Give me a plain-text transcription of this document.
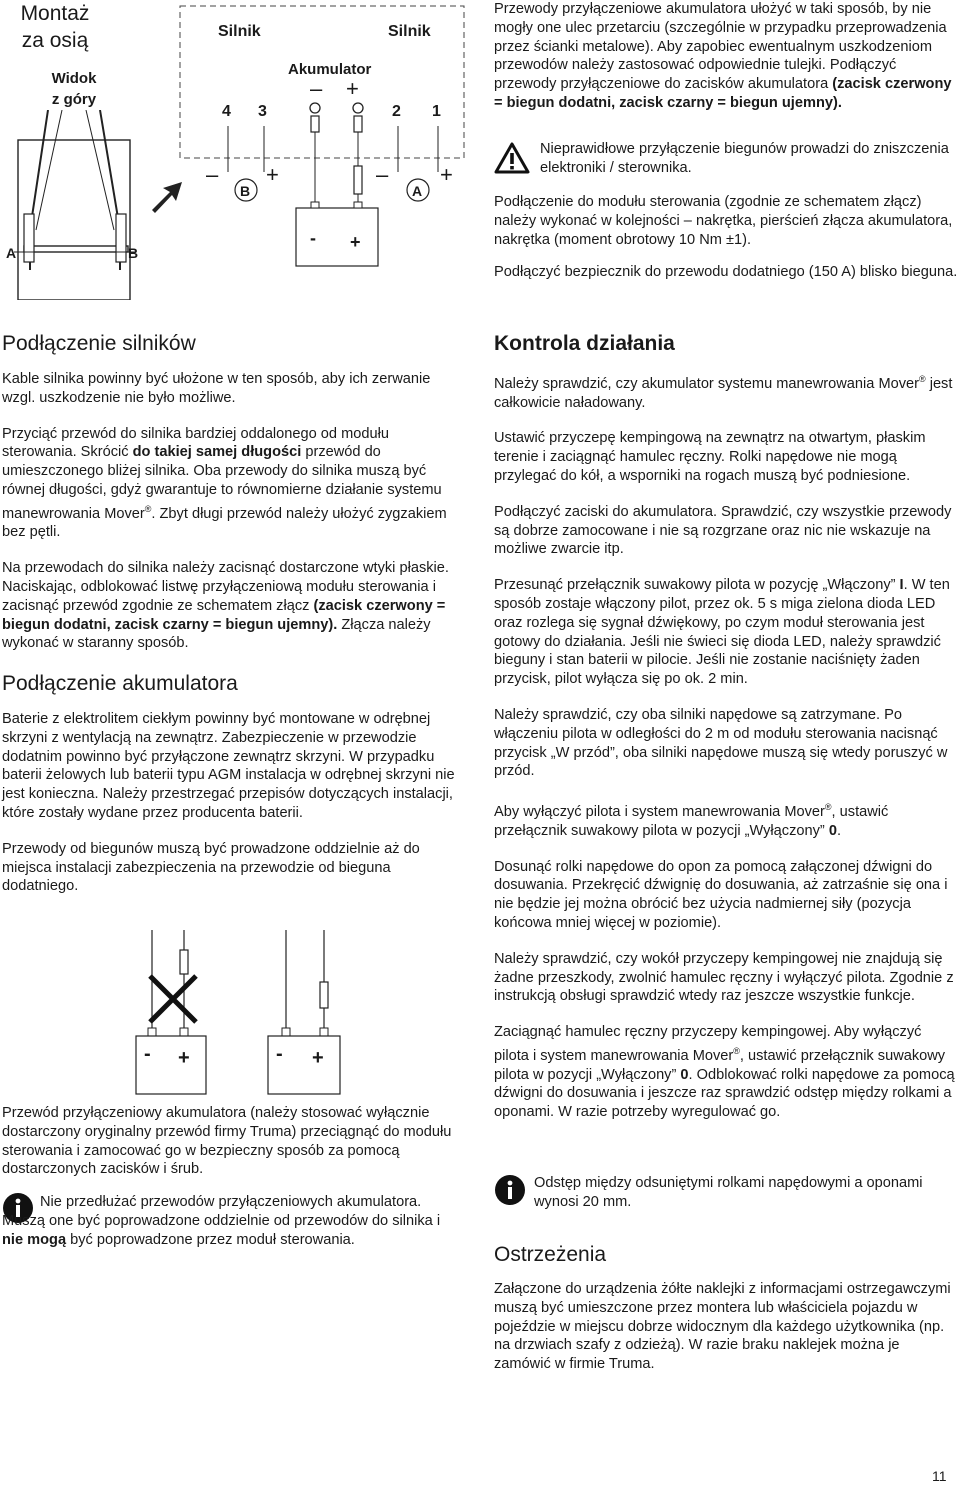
Montaż
za osią
Widok
z góry
A	B
Silnik	Silnik
Akumulator
– +
4 3	2 1
– +	– +
B	A
- +

Przewody przyłączeniowe akumulatora ułożyć w taki sposób, by nie mogły one ulec przetarciu (szczególnie w przypadku przeprowadzenia przez ścianki metalowe). Aby zapobiec ewentualnym uszkodzeniom przewodów należy zastosować odpowiednie tulejki. Podłączyć przewody przyłączeniowe do zacisków akumulatora (zacisk czerwony = biegun dodatni, zacisk czarny = biegun ujemny).

Nieprawidłowe przyłączenie biegunów prowadzi do zniszczenia elektroniki / sterownika.
Podłączenie do modułu sterowania (zgodnie ze schematem złącz) należy wykonać w kolejności – nakrętka, pierścień złącza akumulatora, nakrętka (moment obrotowy 10 Nm ±1).
Podłączyć bezpiecznik do przewodu dodatniego (150 A) blisko bieguna.
Podłączenie silników

Kable silnika powinny być ułożone w ten sposób, aby ich zerwanie wzgl. uszkodzenie nie było możliwe.

Przyciąć przewód do silnika bardziej oddalonego od modułu sterowania. Skrócić do takiej samej długości przewód do umieszczonego bliżej silnika. Oba przewody do silnika muszą być równej długości, gdyż gwarantuje to równomierne działanie systemu manewrowania Mover®. Zbyt długi przewód należy ułożyć zygzakiem bez pętli.

Na przewodach do silnika należy zacisnąć dostarczone wtyki płaskie. Naciskając, odblokować listwę przyłączeniową modułu sterowania i zacisnąć przewód zgodnie ze schematem złącz (zacisk czerwony = biegun dodatni, zacisk czarny = biegun ujemny). Złącza należy wykonać w staranny sposób.

Podłączenie akumulatora

Baterie z elektrolitem ciekłym powinny być montowane w odrębnej skrzyni z wentylacją na zewnątrz. Zabezpieczenie w przewodzie dodatnim powinno być przyłączone zewnątrz skrzyni. W przypadku baterii żelowych lub baterii typu AGM instalacja w odrębnej skrzyni nie jest konieczna. Należy przestrzegać przepisów dotyczących instalacji, które zostały wydane przez producenta baterii.

Przewody od biegunów muszą być prowadzone oddzielnie aż do miejsca instalacji zabezpieczenia na przewodzie od bieguna dodatniego.

- +	- +
Przewód przyłączeniowy akumulatora (należy stosować wyłącznie dostarczony oryginalny przewód firmy Truma) przeciągnąć do modułu sterowania i zamocować go w bezpieczny sposób za pomocą dostarczonych zacisków i śrub.

Nie przedłużać przewodów przyłączeniowych akumulatora. Muszą one być poprowadzone oddzielnie od przewodów do silnika i nie mogą być poprowadzone przez moduł sterowania.

Kontrola działania

Należy sprawdzić, czy akumulator systemu manewrowania Mover® jest całkowicie naładowany.

Ustawić przyczepę kempingową na zewnątrz na otwartym, płaskim terenie i zaciągnąć hamulec ręczny. Rolki napędowe nie mogą przylegać do kół, a wsporniki na rogach muszą być podniesione.

Podłączyć zaciski do akumulatora. Sprawdzić, czy wszystkie przewody są dobrze zamocowane i nie są rozgrzane oraz nic nie wskazuje na możliwe zwarcie itp.

Przesunąć przełącznik suwakowy pilota w pozycję „Włączony” I. W ten sposób zostaje włączony pilot, przez ok. 5 s miga zielona dioda LED oraz rozlega się sygnał dźwiękowy, po czym moduł sterowania jest gotowy do działania. Jeśli nie świeci się dioda LED, należy sprawdzić bieguny i stan baterii w pilocie. Jeśli nie zostanie naciśnięty żaden przycisk, pilot wyłącza się po ok. 2 min.

Należy sprawdzić, czy oba silniki napędowe są zatrzymane. Po włączeniu pilota w odległości do 2 m od modułu sterowania nacisnąć przycisk „W przód”, oba silniki napędowe muszą się wtedy poruszyć w przód.

Aby wyłączyć pilota i system manewrowania Mover®, ustawić przełącznik suwakowy pilota w pozycji „Wyłączony” 0.

Dosunąć rolki napędowe do opon za pomocą załączonej dźwigni do dosuwania. Przekręcić dźwignię do dosuwania, aż zatrzaśnie się ona i nie będzie jej można obrócić bez użycia nadmiernej siły (pozycja końcowa mniej więcej w poziomie).

Należy sprawdzić, czy wokół przyczepy kempingowej nie znajdują się żadne przeszkody, zwolnić hamulec ręczny i wyłączyć pilota. Zgodnie z instrukcją obsługi sprawdzić wtedy raz jeszcze wszystkie funkcje.

Zaciągnąć hamulec ręczny przyczepy kempingowej. Aby wyłączyć pilota i system manewrowania Mover®, ustawić przełącznik suwakowy pilota w pozycji „Wyłączony” 0. Odblokować rolki napędowe za pomocą dźwigni do dosuwania i jeszcze raz sprawdzić odstęp między rolkami a oponami. W razie potrzeby wyregulować go.

Odstęp między odsuniętymi rolkami napędowymi a oponami wynosi 20 mm.
Ostrzeżenia
Załączone do urządzenia żółte naklejki z informacjami ostrzegawczymi muszą być umieszczone przez montera lub właściciela pojazdu w pojeździe w miejscu dobrze widocznym dla każdego użytkownika (np. na drzwiach szafy z odzieżą). W razie braku naklejek można je zamówić w firmie Truma.
11
